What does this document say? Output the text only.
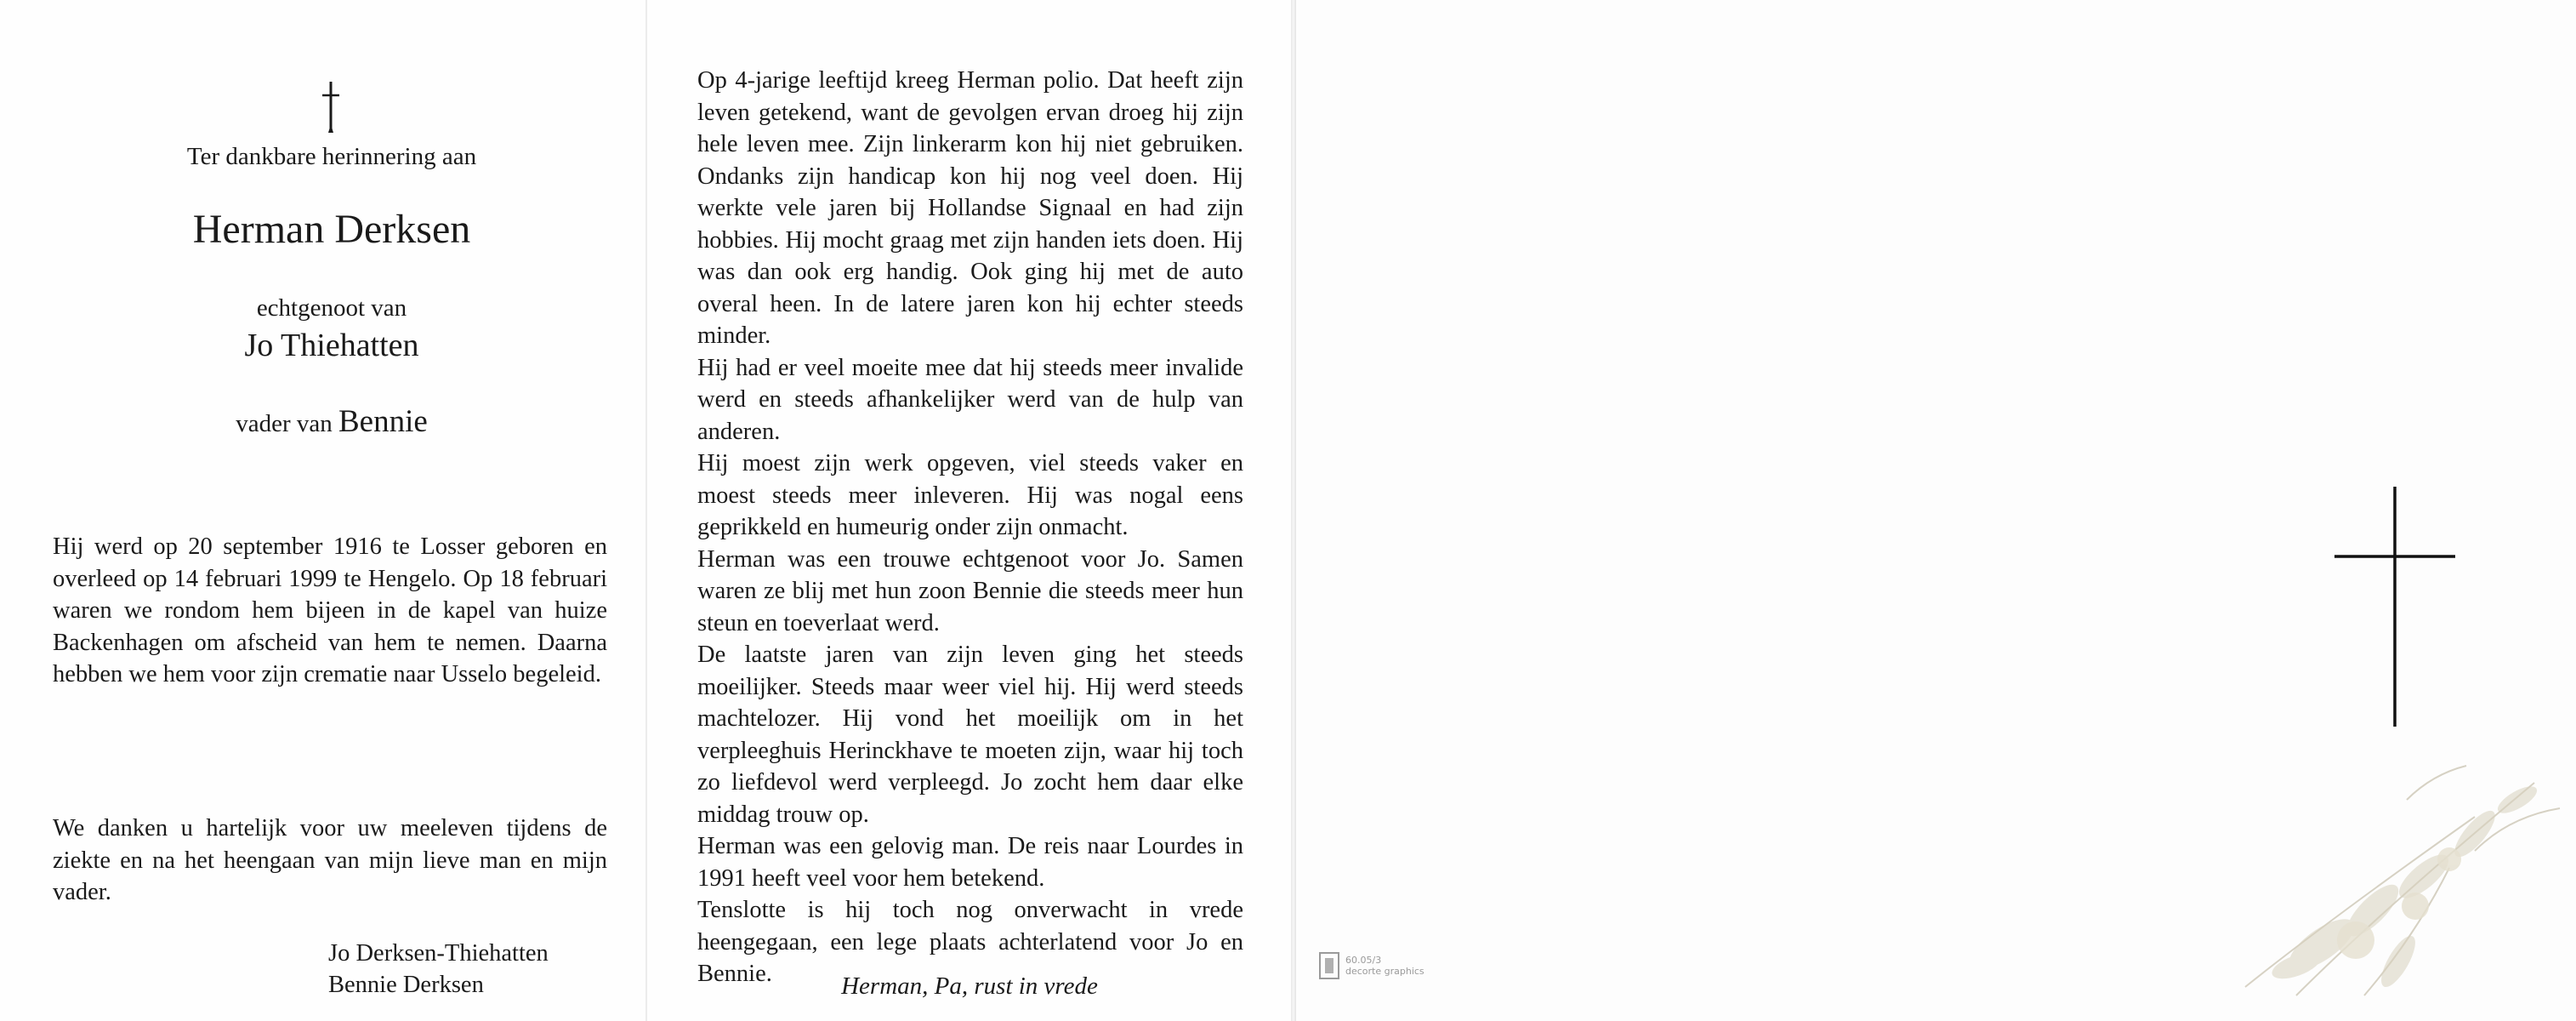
Ter dankbare herinnering aan
Herman Derksen
echtgenoot van
Jo Thiehatten
vader van Bennie

Hij werd op 20 september 1916 te Losser geboren en overleed op 14 februari 1999 te Hengelo. Op 18 februari waren we rondom hem bijeen in de kapel van huize Backenhagen om afscheid van hem te nemen. Daarna hebben we hem voor zijn crematie naar Usselo begeleid.

We danken u hartelijk voor uw meeleven tijdens de ziekte en na het heengaan van mijn lieve man en mijn vader.

Jo Derksen-Thiehatten
Bennie Derksen

Op 4-jarige leeftijd kreeg Herman polio. Dat heeft zijn leven getekend, want de gevolgen ervan droeg hij zijn hele leven mee. Zijn linkerarm kon hij niet gebruiken. Ondanks zijn handicap kon hij nog veel doen. Hij werkte vele jaren bij Hollandse Signaal en had zijn hobbies. Hij mocht graag met zijn handen iets doen. Hij was dan ook erg handig. Ook ging hij met de auto overal heen. In de latere jaren kon hij echter steeds minder.

Hij had er veel moeite mee dat hij steeds meer invalide werd en steeds afhankelijker werd van de hulp van anderen.

Hij moest zijn werk opgeven, viel steeds vaker en moest steeds meer inleveren. Hij was nogal eens geprikkeld en humeurig onder zijn onmacht.

Herman was een trouwe echtgenoot voor Jo. Samen waren ze blij met hun zoon Bennie die steeds meer hun steun en toeverlaat werd.

De laatste jaren van zijn leven ging het steeds moeilijker. Steeds maar weer viel hij. Hij werd steeds machtelozer. Hij vond het moeilijk om in het verpleeghuis Herinckhave te moeten zijn, waar hij toch zo liefdevol werd verpleegd. Jo zocht hem daar elke middag trouw op.

Herman was een gelovig man. De reis naar Lourdes in 1991 heeft veel voor hem betekend.

Tenslotte is hij toch nog onverwacht in vrede heengegaan, een lege plaats achterlatend voor Jo en Bennie.	Herman, Pa, rust in vrede
60.05/3
decorte graphics
